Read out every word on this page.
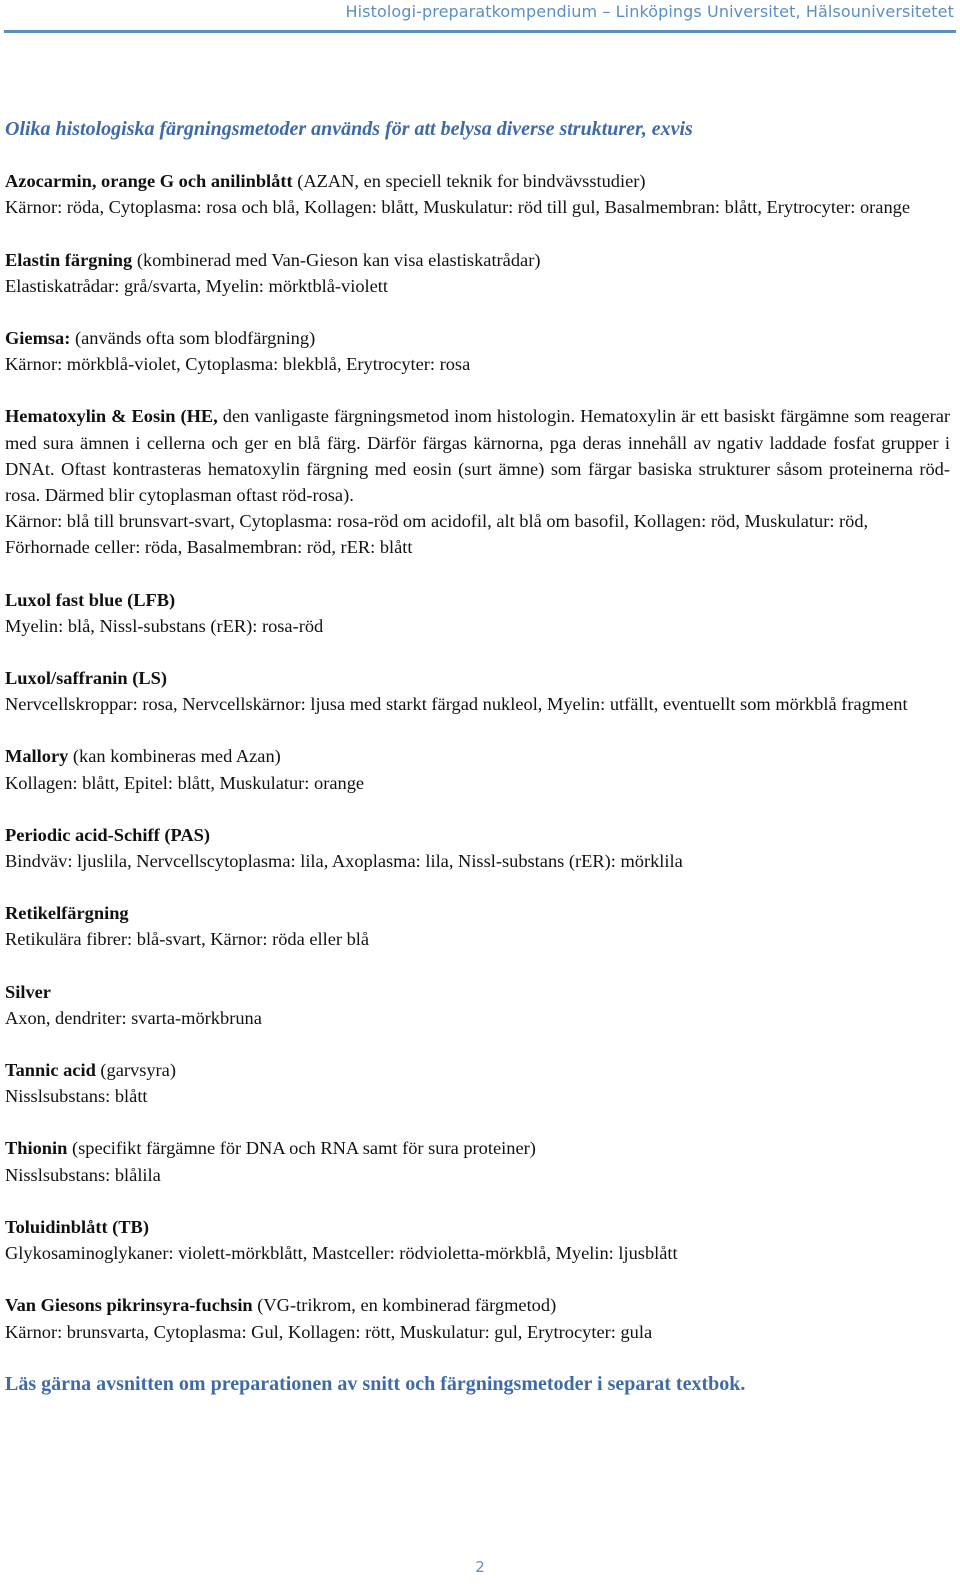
Histologi-preparatkompendium – Linköpings Universitet, Hälsouniversitetet

Olika histologiska färgningsmetoder används för att belysa diverse strukturer, exvis

Azocarmin, orange G och anilinblått (AZAN, en speciell teknik for bindvävsstudier)

Kärnor: röda, Cytoplasma: rosa och blå, Kollagen: blått, Muskulatur: röd till gul, Basalmembran: blått, Erytrocyter: orange

Elastin färgning (kombinerad med Van-Gieson kan visa elastiskatrådar)

Elastiskatrådar: grå/svarta, Myelin: mörktblå-violett

Giemsa: (används ofta som blodfärgning)

Kärnor: mörkblå-violet, Cytoplasma: blekblå, Erytrocyter: rosa

Hematoxylin & Eosin (HE, den vanligaste färgningsmetod inom histologin. Hematoxylin är ett basiskt färgämne som reagerar med sura ämnen i cellerna och ger en blå färg. Därför färgas kärnorna, pga deras innehåll av ngativ laddade fosfat grupper i DNAt. Oftast kontrasteras hematoxylin färgning med eosin (surt ämne) som färgar basiska strukturer såsom proteinerna röd-rosa. Därmed blir cytoplasman oftast röd-rosa).

Kärnor: blå till brunsvart-svart, Cytoplasma: rosa-röd om acidofil, alt blå om basofil, Kollagen: röd, Muskulatur: röd, Förhornade celler: röda, Basalmembran: röd, rER: blått

Luxol fast blue (LFB)

Myelin: blå, Nissl-substans (rER): rosa-röd

Luxol/saffranin (LS)

Nervcellskroppar: rosa, Nervcellskärnor: ljusa med starkt färgad nukleol, Myelin: utfällt, eventuellt som mörkblå fragment

Mallory (kan kombineras med Azan)

Kollagen: blått, Epitel: blått, Muskulatur: orange

Periodic acid-Schiff (PAS)

Bindväv: ljuslila, Nervcellscytoplasma: lila, Axoplasma: lila, Nissl-substans (rER): mörklila

Retikelfärgning

Retikulära fibrer: blå-svart, Kärnor: röda eller blå

Silver

Axon, dendriter: svarta-mörkbruna

Tannic acid (garvsyra)

Nisslsubstans: blått

Thionin (specifikt färgämne för DNA och RNA samt för sura proteiner)

Nisslsubstans: blålila

Toluidinblått (TB)

Glykosaminoglykaner: violett-mörkblått, Mastceller: rödvioletta-mörkblå, Myelin: ljusblått

Van Giesons pikrinsyra-fuchsin (VG-trikrom, en kombinerad färgmetod)

Kärnor: brunsvarta, Cytoplasma: Gul, Kollagen: rött, Muskulatur: gul, Erytrocyter: gula

Läs gärna avsnitten om preparationen av snitt och färgningsmetoder i separat textbok.

2
